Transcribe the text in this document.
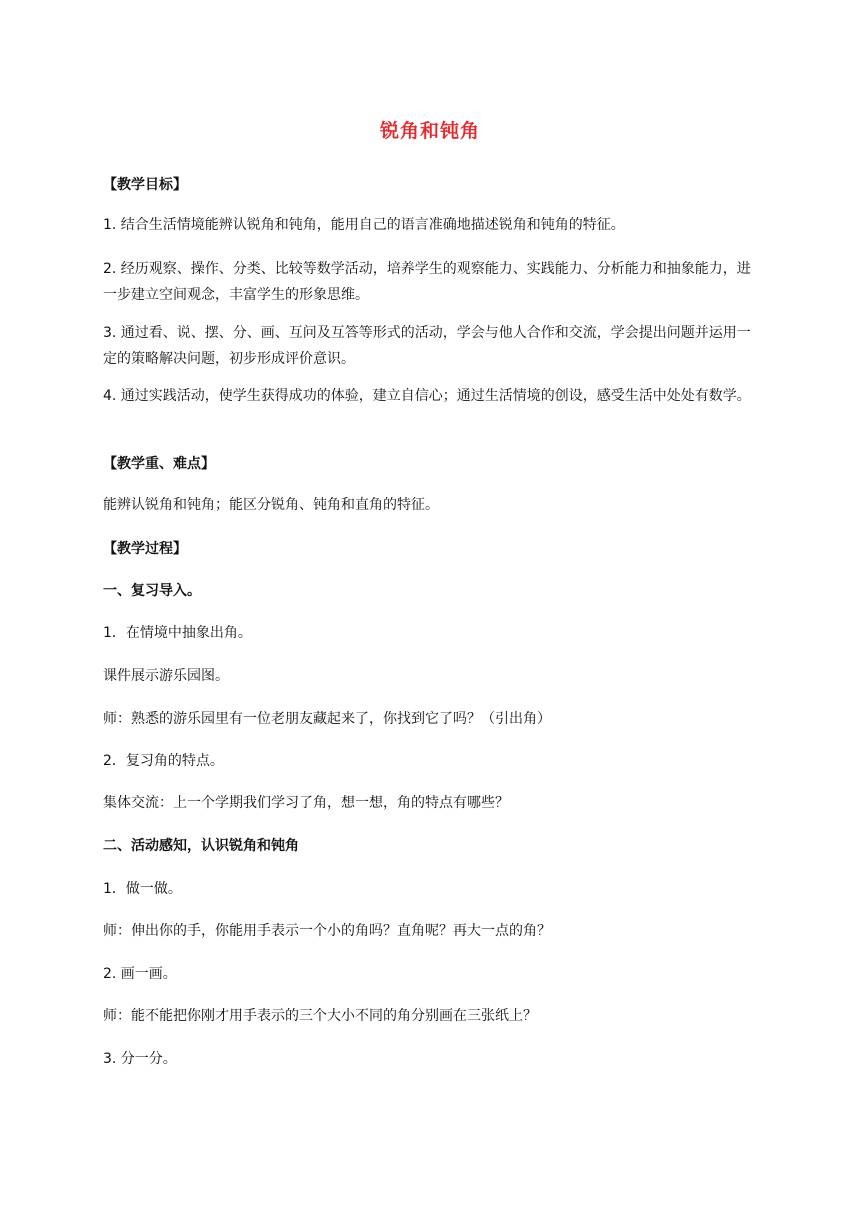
锐角和钝角
【教学目标】
1. 结合生活情境能辨认锐角和钝角，能用自己的语言准确地描述锐角和钝角的特征。
2. 经历观察、操作、分类、比较等数学活动，培养学生的观察能力、实践能力、分析能力和抽象能力，进一步建立空间观念，丰富学生的形象思维。
3. 通过看、说、摆、分、画、互问及互答等形式的活动，学会与他人合作和交流，学会提出问题并运用一定的策略解决问题，初步形成评价意识。
4. 通过实践活动，使学生获得成功的体验，建立自信心；通过生活情境的创设，感受生活中处处有数学。
【教学重、难点】
能辨认锐角和钝角；能区分锐角、钝角和直角的特征。
【教学过程】
一、复习导入。
1．在情境中抽象出角。
课件展示游乐园图。
师：熟悉的游乐园里有一位老朋友藏起来了，你找到它了吗？（引出角）
2．复习角的特点。
集体交流：上一个学期我们学习了角，想一想，角的特点有哪些？
二、活动感知，认识锐角和钝角
1．做一做。
师：伸出你的手，你能用手表示一个小的角吗？直角呢？再大一点的角？
2. 画一画。
师：能不能把你刚才用手表示的三个大小不同的角分别画在三张纸上？
3. 分一分。
